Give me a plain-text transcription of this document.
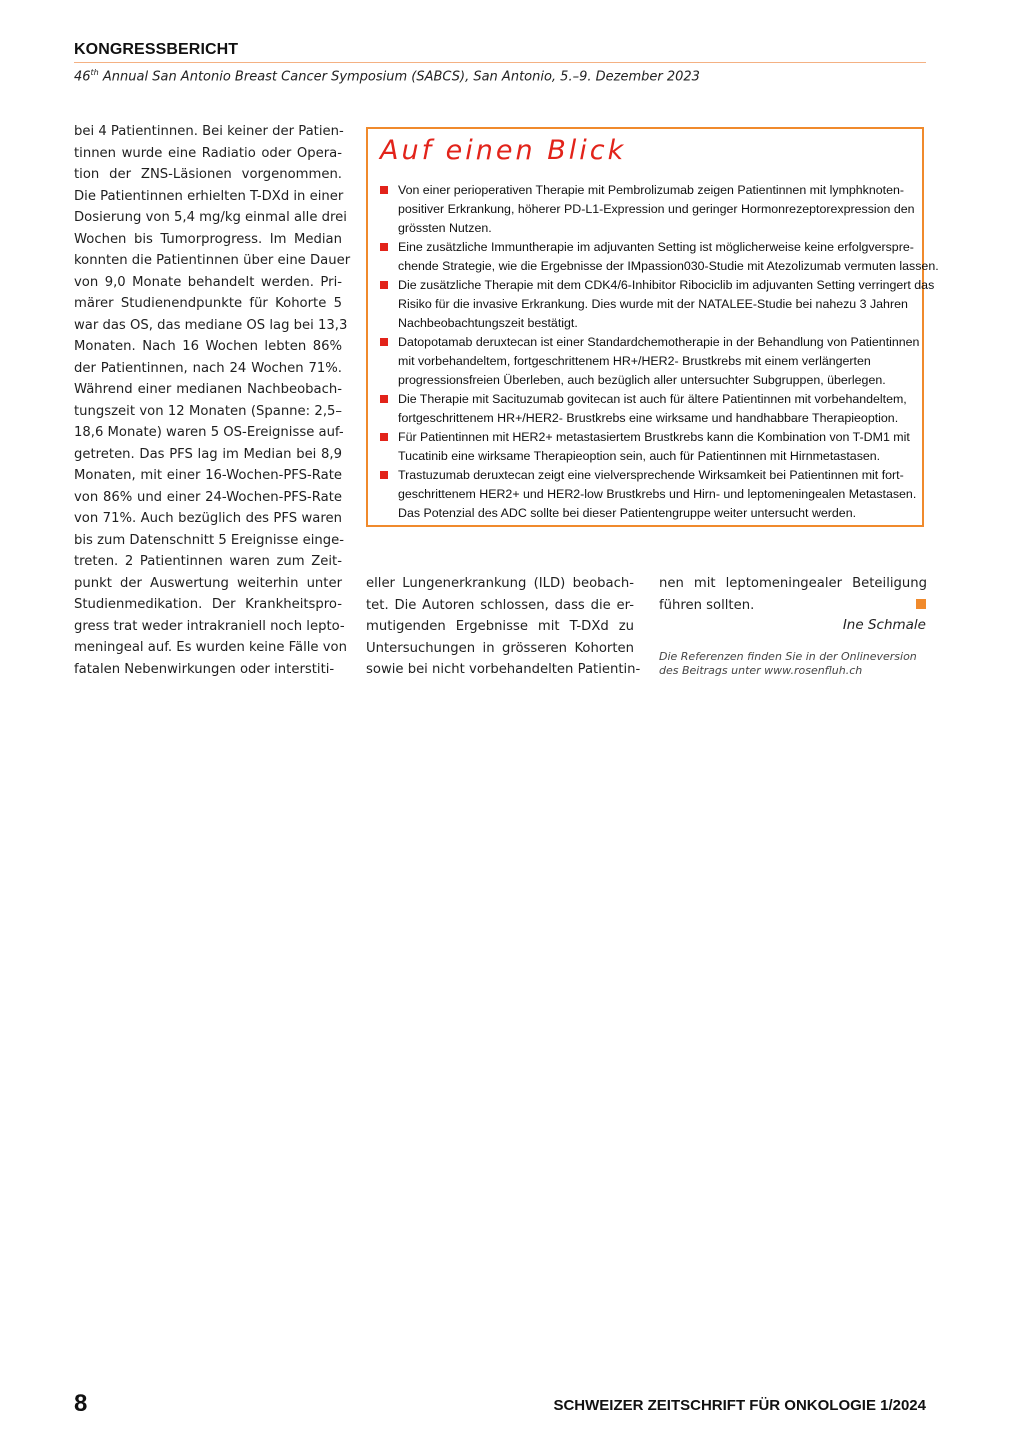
KONGRESSBERICHT
46th Annual San Antonio Breast Cancer Symposium (SABCS), San Antonio, 5.–9. Dezember 2023
bei 4 Patientinnen. Bei keiner der Patien-
tinnen wurde eine Radiatio oder Opera-
tion der ZNS-Läsionen vorgenommen.
Die Patientinnen erhielten T-DXd in einer
Dosierung von 5,4 mg/kg einmal alle drei
Wochen bis Tumorprogress. Im Median
konnten die Patientinnen über eine Dauer
von 9,0 Monate behandelt werden. Pri-
märer Studienendpunkte für Kohorte 5
war das OS, das mediane OS lag bei 13,3
Monaten. Nach 16 Wochen lebten 86%
der Patientinnen, nach 24 Wochen 71%.
Während einer medianen Nachbeobach-
tungszeit von 12 Monaten (Spanne: 2,5–
18,6 Monate) waren 5 OS-Ereignisse auf-
getreten. Das PFS lag im Median bei 8,9
Monaten, mit einer 16-Wochen-PFS-Rate
von 86% und einer 24-Wochen-PFS-Rate
von 71%. Auch bezüglich des PFS waren
bis zum Datenschnitt 5 Ereignisse einge-
treten. 2 Patientinnen waren zum Zeit-
punkt der Auswertung weiterhin unter
Studienmedikation. Der Krankheitspro-
gress trat weder intrakraniell noch lepto-
meningeal auf. Es wurden keine Fälle von
fatalen Nebenwirkungen oder interstiti-
Auf einen Blick
Von einer perioperativen Therapie mit Pembrolizumab zeigen Patientinnen mit lymphknoten-
positiver Erkrankung, höherer PD-L1-Expression und geringer Hormonrezeptorexpression den
grössten Nutzen.
Eine zusätzliche Immuntherapie im adjuvanten Setting ist möglicherweise keine erfolgverspre-
chende Strategie, wie die Ergebnisse der IMpassion030-Studie mit Atezolizumab vermuten lassen.
Die zusätzliche Therapie mit dem CDK4/6-Inhibitor Ribociclib im adjuvanten Setting verringert das
Risiko für die invasive Erkrankung. Dies wurde mit der NATALEE-Studie bei nahezu 3 Jahren
Nachbeobachtungszeit bestätigt.
Datopotamab deruxtecan ist einer Standardchemotherapie in der Behandlung von Patientinnen
mit vorbehandeltem, fortgeschrittenem HR+/HER2- Brustkrebs mit einem verlängerten
progressionsfreien Überleben, auch bezüglich aller untersuchter Subgruppen, überlegen.
Die Therapie mit Sacituzumab govitecan ist auch für ältere Patientinnen mit vorbehandeltem,
fortgeschrittenem HR+/HER2- Brustkrebs eine wirksame und handhabbare Therapieoption.
Für Patientinnen mit HER2+ metastasiertem Brustkrebs kann die Kombination von T-DM1 mit
Tucatinib eine wirksame Therapieoption sein, auch für Patientinnen mit Hirnmetastasen.
Trastuzumab deruxtecan zeigt eine vielversprechende Wirksamkeit bei Patientinnen mit fort-
geschrittenem HER2+ und HER2-low Brustkrebs und Hirn- und leptomeningealen Metastasen.
Das Potenzial des ADC sollte bei dieser Patientengruppe weiter untersucht werden.
eller Lungenerkrankung (ILD) beobach-
tet. Die Autoren schlossen, dass die er-
mutigenden Ergebnisse mit T-DXd zu
Untersuchungen in grösseren Kohorten
sowie bei nicht vorbehandelten Patientin-
nen mit leptomeningealer Beteiligung
führen sollten.
Ine Schmale
Die Referenzen finden Sie in der Onlineversion
des Beitrags unter www.rosenfluh.ch
8	SCHWEIZER ZEITSCHRIFT FÜR ONKOLOGIE 1/2024
